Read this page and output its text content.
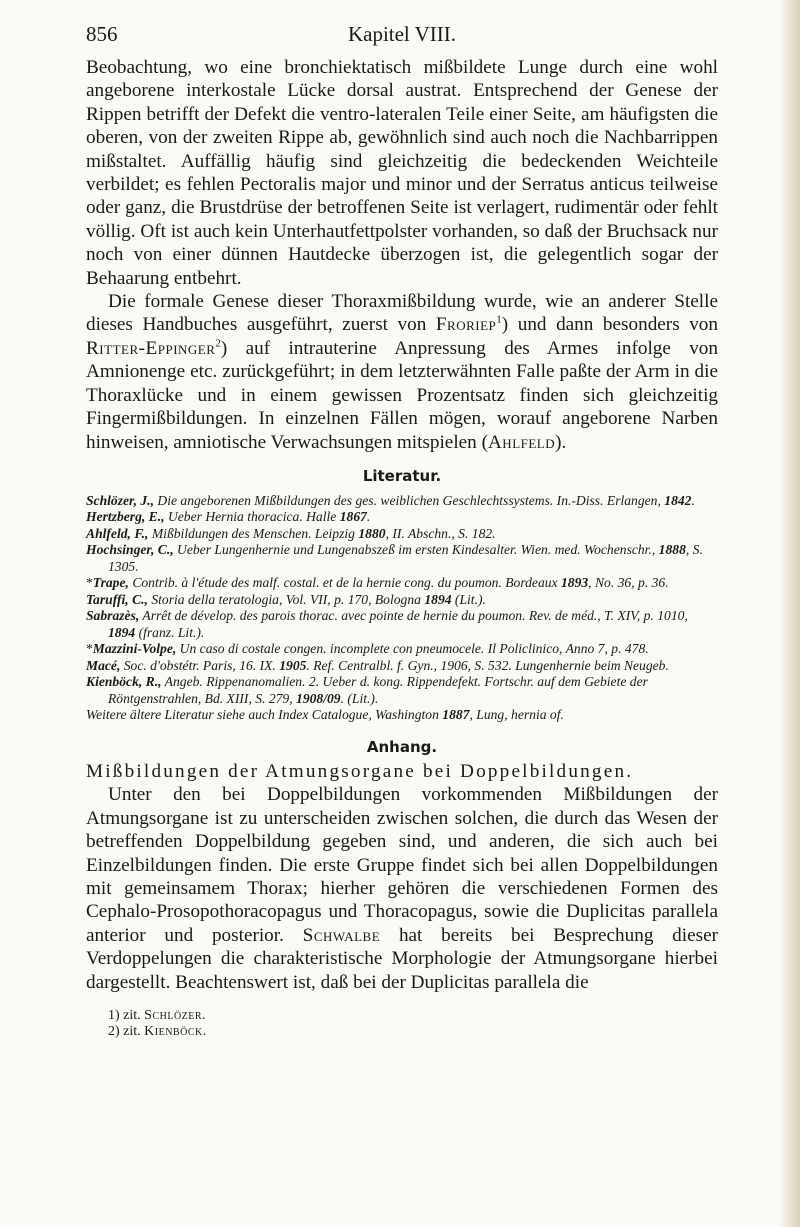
856	Kapitel VIII.

Beobachtung, wo eine bronchiektatisch mißbildete Lunge durch eine wohl angeborene interkostale Lücke dorsal austrat. Entsprechend der Genese der Rippen betrifft der Defekt die ventro-lateralen Teile einer Seite, am häufigsten die oberen, von der zweiten Rippe ab, gewöhnlich sind auch noch die Nachbarrippen mißstaltet. Auffällig häufig sind gleichzeitig die bedeckenden Weichteile verbildet; es fehlen Pectoralis major und minor und der Serratus anticus teilweise oder ganz, die Brustdrüse der betroffenen Seite ist verlagert, rudimentär oder fehlt völlig. Oft ist auch kein Unterhautfettpolster vorhanden, so daß der Bruchsack nur noch von einer dünnen Hautdecke überzogen ist, die gelegentlich sogar der Behaarung entbehrt.

Die formale Genese dieser Thoraxmißbildung wurde, wie an anderer Stelle dieses Handbuches ausgeführt, zuerst von Froriep$^1$) und dann besonders von Ritter-Eppinger$^2$) auf intrauterine Anpressung des Armes infolge von Amnionenge etc. zurückgeführt; in dem letzterwähnten Falle paßte der Arm in die Thoraxlücke und in einem gewissen Prozentsatz finden sich gleichzeitig Fingermißbildungen. In einzelnen Fällen mögen, worauf angeborene Narben hinweisen, amniotische Verwachsungen mitspielen (Ahlfeld).

Literatur.

Schlözer, J., Die angeborenen Mißbildungen des ges. weiblichen Geschlechtssystems. In.-Diss. Erlangen, 1842.

Hertzberg, E., Ueber Hernia thoracica. Halle 1867.

Ahlfeld, F., Mißbildungen des Menschen. Leipzig 1880, II. Abschn., S. 182.

Hochsinger, C., Ueber Lungenhernie und Lungenabszeß im ersten Kindesalter. Wien. med. Wochenschr., 1888, S. 1305.

*Trape, Contrib. à l'étude des malf. costal. et de la hernie cong. du poumon. Bordeaux 1893, No. 36, p. 36.

Taruffi, C., Storia della teratologia, Vol. VII, p. 170, Bologna 1894 (Lit.).

Sabrazès, Arrêt de dévelop. des parois thorac. avec pointe de hernie du poumon. Rev. de méd., T. XIV, p. 1010, 1894 (franz. Lit.).

*Mazzini-Volpe, Un caso di costale congen. incomplete con pneumocele. Il Policlinico, Anno 7, p. 478.

Macé, Soc. d'obstétr. Paris, 16. IX. 1905. Ref. Centralbl. f. Gyn., 1906, S. 532. Lungenhernie beim Neugeb.

Kienböck, R., Angeb. Rippenanomalien. 2. Ueber d. kong. Rippendefekt. Fortschr. auf dem Gebiete der Röntgenstrahlen, Bd. XIII, S. 279, 1908/09. (Lit.).

Weitere ältere Literatur siehe auch Index Catalogue, Washington 1887, Lung, hernia of.

Anhang.

Mißbildungen der Atmungsorgane bei Doppelbildungen.

Unter den bei Doppelbildungen vorkommenden Mißbildungen der Atmungsorgane ist zu unterscheiden zwischen solchen, die durch das Wesen der betreffenden Doppelbildung gegeben sind, und anderen, die sich auch bei Einzelbildungen finden. Die erste Gruppe findet sich bei allen Doppelbildungen mit gemeinsamem Thorax; hierher gehören die verschiedenen Formen des Cephalo-Prosopothoracopagus und Thoracopagus, sowie die Duplicitas parallela anterior und posterior. Schwalbe hat bereits bei Besprechung dieser Verdoppelungen die charakteristische Morphologie der Atmungsorgane hierbei dargestellt. Beachtenswert ist, daß bei der Duplicitas parallela die

1) zit. Schlözer.
2) zit. Kienböck.
